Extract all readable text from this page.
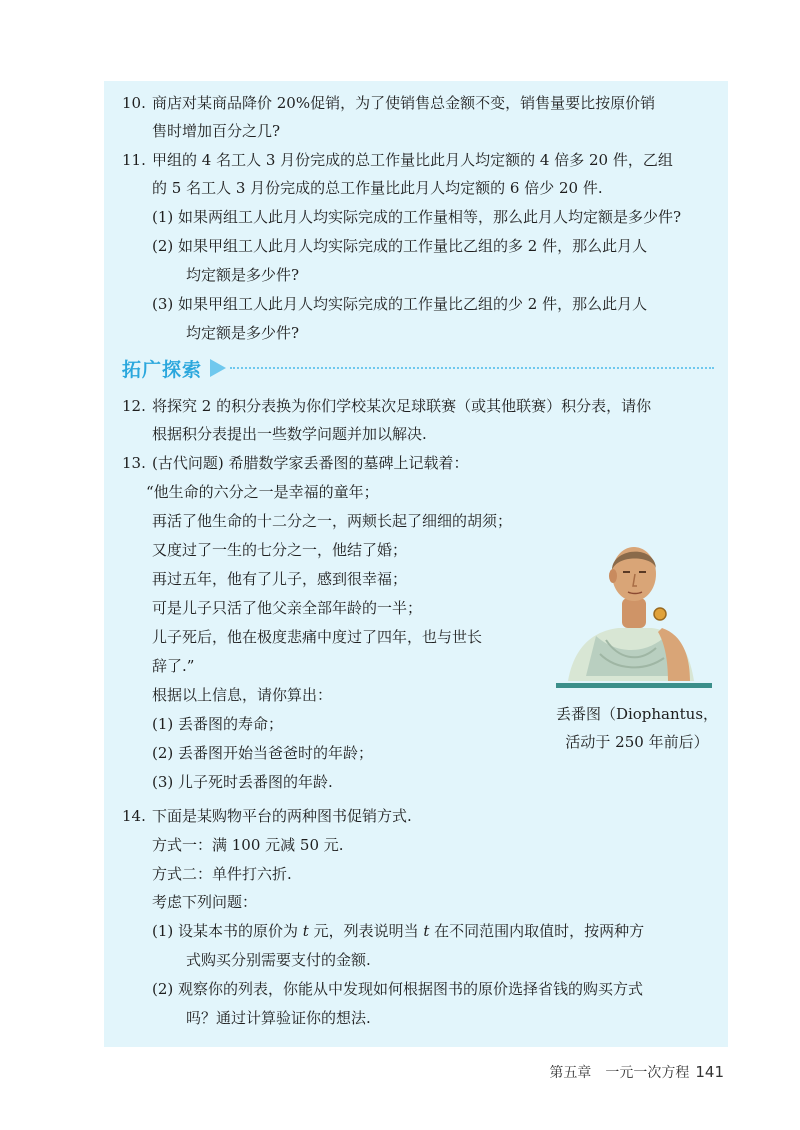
10. 商店对某商品降价 20%促销，为了使销售总金额不变，销售量要比按原价销
售时增加百分之几?
11. 甲组的 4 名工人 3 月份完成的总工作量比此月人均定额的 4 倍多 20 件，乙组
的 5 名工人 3 月份完成的总工作量比此月人均定额的 6 倍少 20 件.
(1) 如果两组工人此月人均实际完成的工作量相等，那么此月人均定额是多少件?
(2) 如果甲组工人此月人均实际完成的工作量比乙组的多 2 件，那么此月人
均定额是多少件?
(3) 如果甲组工人此月人均实际完成的工作量比乙组的少 2 件，那么此月人
均定额是多少件?
拓广探索
12. 将探究 2 的积分表换为你们学校某次足球联赛（或其他联赛）积分表，请你
根据积分表提出一些数学问题并加以解决.
13. (古代问题) 希腊数学家丢番图的墓碑上记载着：
“他生命的六分之一是幸福的童年；
再活了他生命的十二分之一，两颊长起了细细的胡须；
又度过了一生的七分之一，他结了婚；
再过五年，他有了儿子，感到很幸福；
可是儿子只活了他父亲全部年龄的一半；
儿子死后，他在极度悲痛中度过了四年，也与世长
辞了.”
根据以上信息，请你算出：
(1) 丢番图的寿命；
(2) 丢番图开始当爸爸时的年龄；
(3) 儿子死时丢番图的年龄.
丢番图（Diophantus，
活动于 250 年前后）
14. 下面是某购物平台的两种图书促销方式.
方式一：满 100 元减 50 元.
方式二：单件打六折.
考虑下列问题：
(1) 设某本书的原价为 t 元，列表说明当 t 在不同范围内取值时，按两种方
式购买分别需要支付的金额.
(2) 观察你的列表，你能从中发现如何根据图书的原价选择省钱的购买方式
吗？通过计算验证你的想法.
第五章 一元一次方程 141
